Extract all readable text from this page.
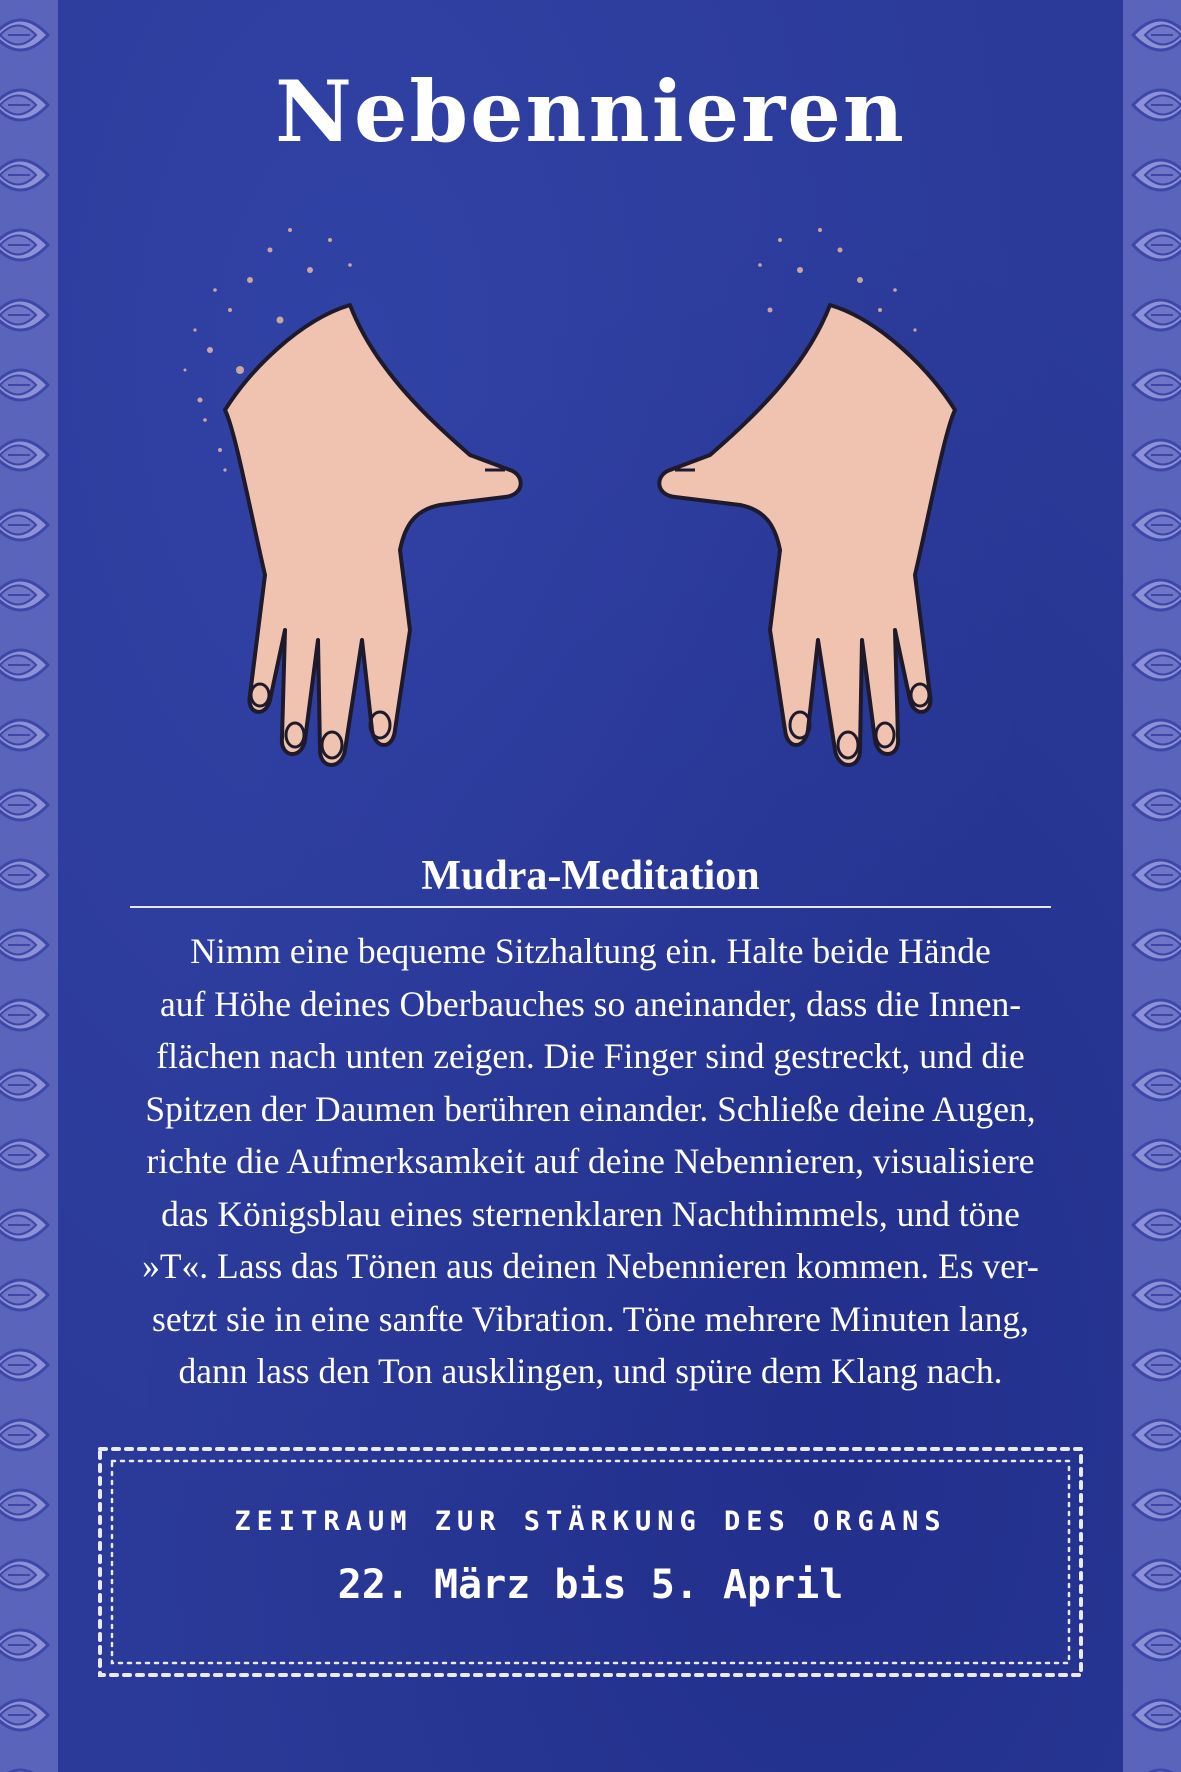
Nebennieren
Mudra-Meditation

Nimm eine bequeme Sitzhaltung ein. Halte beide Hände
auf Höhe deines Oberbauches so aneinander, dass die Innen-
flächen nach unten zeigen. Die Finger sind gestreckt, und die
Spitzen der Daumen berühren einander. Schließe deine Augen,
richte die Aufmerksamkeit auf deine Nebennieren, visualisiere
das Königsblau eines sternenklaren Nachthimmels, und töne
»T«. Lass das Tönen aus deinen Nebennieren kommen. Es ver-
setzt sie in eine sanfte Vibration. Töne mehrere Minuten lang,
dann lass den Ton ausklingen, und spüre dem Klang nach.

ZEITRAUM ZUR STÄRKUNG DES ORGANS

22. März bis 5. April
